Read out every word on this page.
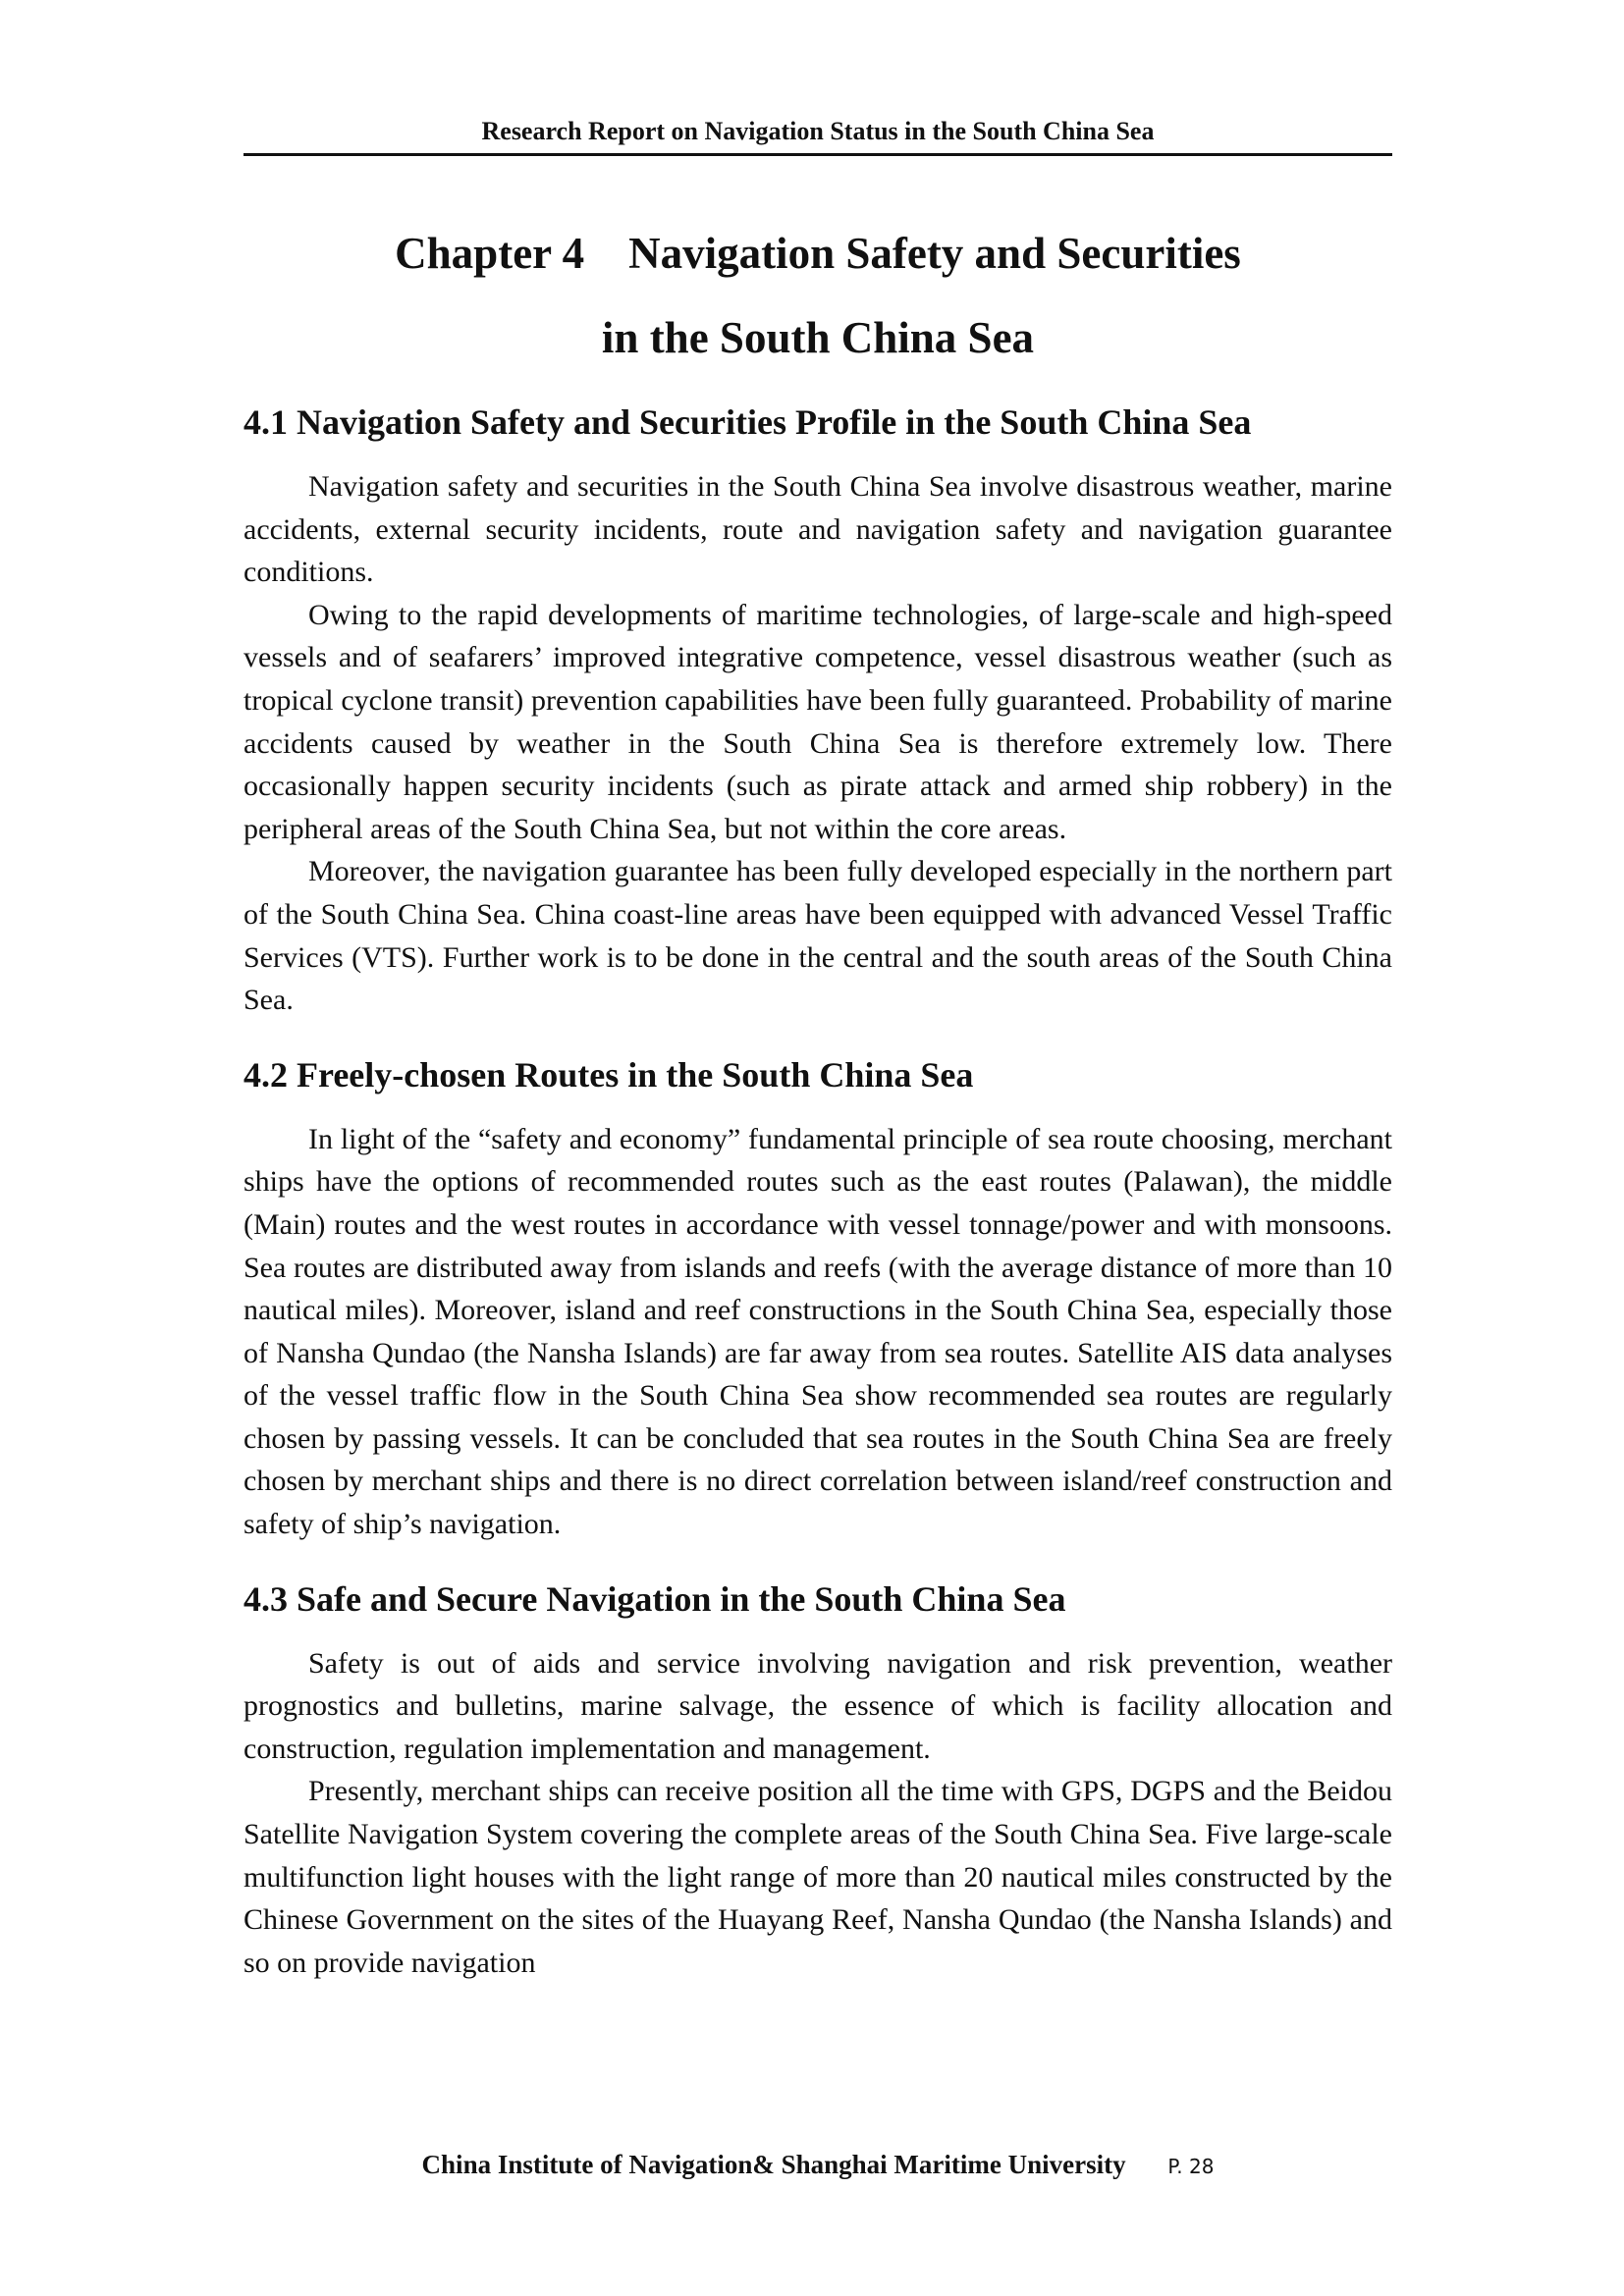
Research Report on Navigation Status in the South China Sea
Chapter 4    Navigation Safety and Securities
in the South China Sea
4.1 Navigation Safety and Securities Profile in the South China Sea

Navigation safety and securities in the South China Sea involve disastrous weather, marine accidents, external security incidents, route and navigation safety and navigation guarantee conditions.

Owing to the rapid developments of maritime technologies, of large-scale and high-speed vessels and of seafarers’ improved integrative competence, vessel disastrous weather (such as tropical cyclone transit) prevention capabilities have been fully guaranteed. Probability of marine accidents caused by weather in the South China Sea is therefore extremely low. There occasionally happen security incidents (such as pirate attack and armed ship robbery) in the peripheral areas of the South China Sea, but not within the core areas.

Moreover, the navigation guarantee has been fully developed especially in the northern part of the South China Sea. China coast-line areas have been equipped with advanced Vessel Traffic Services (VTS). Further work is to be done in the central and the south areas of the South China Sea.

4.2 Freely-chosen Routes in the South China Sea

In light of the “safety and economy” fundamental principle of sea route choosing, merchant ships have the options of recommended routes such as the east routes (Palawan), the middle (Main) routes and the west routes in accordance with vessel tonnage/power and with monsoons. Sea routes are distributed away from islands and reefs (with the average distance of more than 10 nautical miles). Moreover, island and reef constructions in the South China Sea, especially those of Nansha Qundao (the Nansha Islands) are far away from sea routes. Satellite AIS data analyses of the vessel traffic flow in the South China Sea show recommended sea routes are regularly chosen by passing vessels. It can be concluded that sea routes in the South China Sea are freely chosen by merchant ships and there is no direct correlation between island/reef construction and safety of ship’s navigation.

4.3 Safe and Secure Navigation in the South China Sea

Safety is out of aids and service involving navigation and risk prevention, weather prognostics and bulletins, marine salvage, the essence of which is facility allocation and construction, regulation implementation and management.

Presently, merchant ships can receive position all the time with GPS, DGPS and the Beidou Satellite Navigation System covering the complete areas of the South China Sea. Five large-scale multifunction light houses with the light range of more than 20 nautical miles constructed by the Chinese Government on the sites of the Huayang Reef, Nansha Qundao (the Nansha Islands) and so on provide navigation

China Institute of Navigation& Shanghai Maritime University P. 28
